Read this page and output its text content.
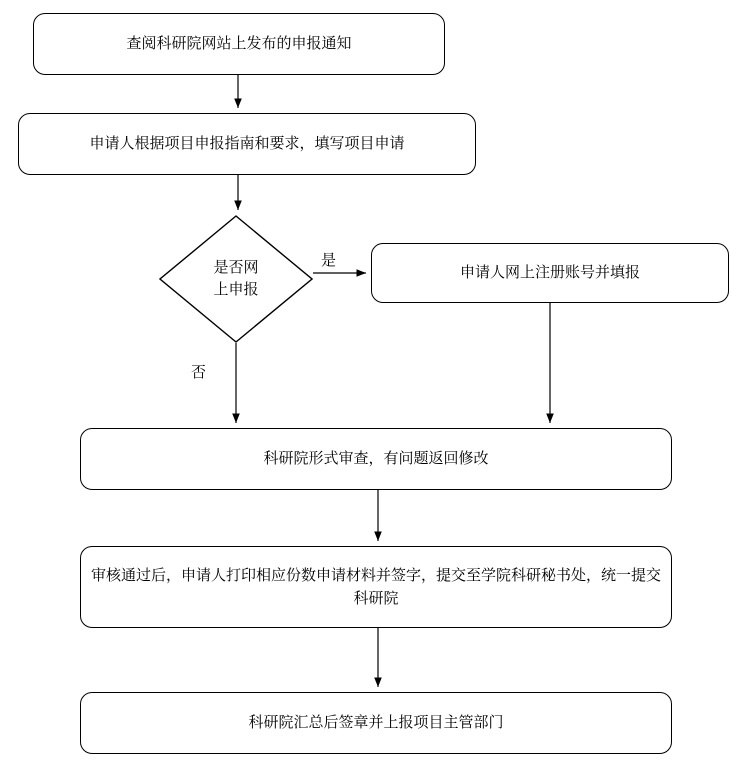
查阅科研院网站上发布的申报通知
申请人根据项目申报指南和要求，填写项目申请
是否网
上申报
申请人网上注册账号并填报
科研院形式审查，有问题返回修改
审核通过后，申请人打印相应份数申请材料并签字，提交至学院科研秘书处，统一提交科研院
科研院汇总后签章并上报项目主管部门
是
否
